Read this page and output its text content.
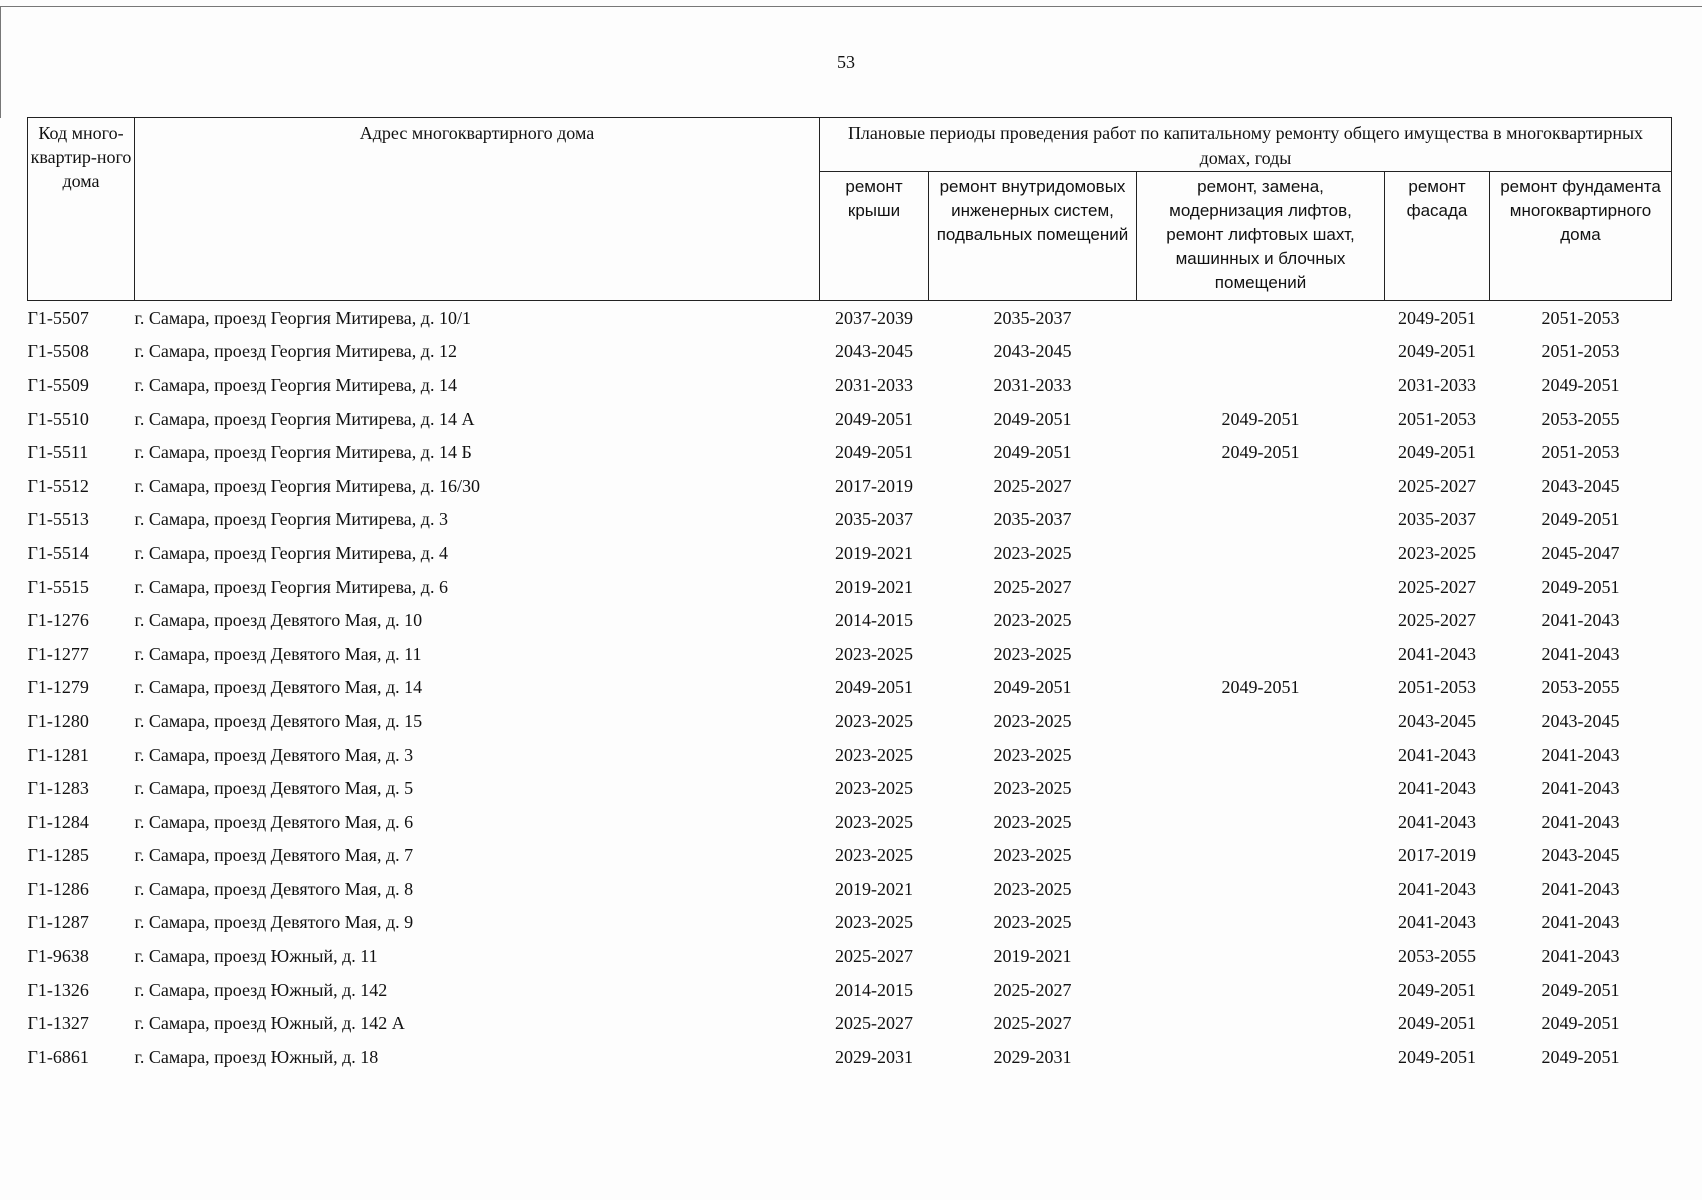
53
Код много-квартир-ного дома	Адрес многоквартирного дома	Плановые периоды проведения работ по капитальному ремонту общего имущества в многоквартирных домах, годы				
		ремонт крыши	ремонт внутридомовых инженерных систем, подвальных помещений	ремонт, замена, модернизация лифтов, ремонт лифтовых шахт, машинных и блочных помещений	ремонт фасада	ремонт фундамента многоквартирного дома
Г1-5507	г. Самара, проезд Георгия Митирева, д. 10/1	2037-2039	2035-2037		2049-2051	2051-2053
Г1-5508	г. Самара, проезд Георгия Митирева, д. 12	2043-2045	2043-2045		2049-2051	2051-2053
Г1-5509	г. Самара, проезд Георгия Митирева, д. 14	2031-2033	2031-2033		2031-2033	2049-2051
Г1-5510	г. Самара, проезд Георгия Митирева, д. 14 А	2049-2051	2049-2051	2049-2051	2051-2053	2053-2055
Г1-5511	г. Самара, проезд Георгия Митирева, д. 14 Б	2049-2051	2049-2051	2049-2051	2049-2051	2051-2053
Г1-5512	г. Самара, проезд Георгия Митирева, д. 16/30	2017-2019	2025-2027		2025-2027	2043-2045
Г1-5513	г. Самара, проезд Георгия Митирева, д. 3	2035-2037	2035-2037		2035-2037	2049-2051
Г1-5514	г. Самара, проезд Георгия Митирева, д. 4	2019-2021	2023-2025		2023-2025	2045-2047
Г1-5515	г. Самара, проезд Георгия Митирева, д. 6	2019-2021	2025-2027		2025-2027	2049-2051
Г1-1276	г. Самара, проезд Девятого Мая, д. 10	2014-2015	2023-2025		2025-2027	2041-2043
Г1-1277	г. Самара, проезд Девятого Мая, д. 11	2023-2025	2023-2025		2041-2043	2041-2043
Г1-1279	г. Самара, проезд Девятого Мая, д. 14	2049-2051	2049-2051	2049-2051	2051-2053	2053-2055
Г1-1280	г. Самара, проезд Девятого Мая, д. 15	2023-2025	2023-2025		2043-2045	2043-2045
Г1-1281	г. Самара, проезд Девятого Мая, д. 3	2023-2025	2023-2025		2041-2043	2041-2043
Г1-1283	г. Самара, проезд Девятого Мая, д. 5	2023-2025	2023-2025		2041-2043	2041-2043
Г1-1284	г. Самара, проезд Девятого Мая, д. 6	2023-2025	2023-2025		2041-2043	2041-2043
Г1-1285	г. Самара, проезд Девятого Мая, д. 7	2023-2025	2023-2025		2017-2019	2043-2045
Г1-1286	г. Самара, проезд Девятого Мая, д. 8	2019-2021	2023-2025		2041-2043	2041-2043
Г1-1287	г. Самара, проезд Девятого Мая, д. 9	2023-2025	2023-2025		2041-2043	2041-2043
Г1-9638	г. Самара, проезд Южный, д. 11	2025-2027	2019-2021		2053-2055	2041-2043
Г1-1326	г. Самара, проезд Южный, д. 142	2014-2015	2025-2027		2049-2051	2049-2051
Г1-1327	г. Самара, проезд Южный, д. 142 А	2025-2027	2025-2027		2049-2051	2049-2051
Г1-6861	г. Самара, проезд Южный, д. 18	2029-2031	2029-2031		2049-2051	2049-2051
